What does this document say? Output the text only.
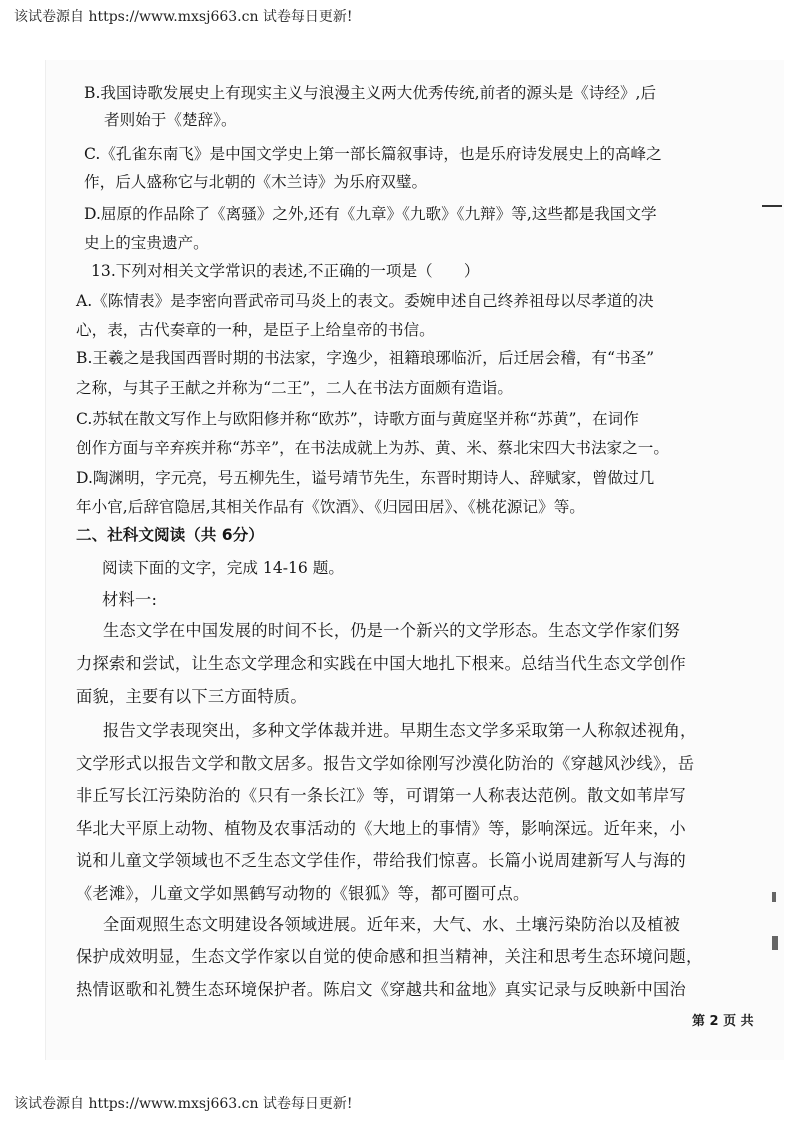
该试卷源自 https://www.mxsj663.cn 试卷每日更新!
B.我国诗歌发展史上有现实主义与浪漫主义两大优秀传统,前者的源头是《诗经》,后
者则始于《楚辞》。
C.《孔雀东南飞》是中国文学史上第一部长篇叙事诗，也是乐府诗发展史上的高峰之
作，后人盛称它与北朝的《木兰诗》为乐府双璧。
D.屈原的作品除了《离骚》之外,还有《九章》《九歌》《九辩》等,这些都是我国文学
史上的宝贵遗产。
13.下列对相关文学常识的表述,不正确的一项是（　　）
A.《陈情表》是李密向晋武帝司马炎上的表文。委婉申述自己终养祖母以尽孝道的决
心，表，古代奏章的一种，是臣子上给皇帝的书信。
B.王羲之是我国西晋时期的书法家，字逸少，祖籍琅琊临沂，后迁居会稽，有“书圣”
之称，与其子王献之并称为“二王”，二人在书法方面颇有造诣。
C.苏轼在散文写作上与欧阳修并称“欧苏”，诗歌方面与黄庭坚并称“苏黄”，在词作
创作方面与辛弃疾并称“苏辛”，在书法成就上为苏、黄、米、蔡北宋四大书法家之一。
D.陶渊明，字元亮，号五柳先生，谥号靖节先生，东晋时期诗人、辞赋家，曾做过几
年小官,后辞官隐居,其相关作品有《饮酒》、《归园田居》、《桃花源记》等。
二、社科文阅读（共 6分）
阅读下面的文字，完成 14-16 题。
材料一:
生态文学在中国发展的时间不长，仍是一个新兴的文学形态。生态文学作家们努
力探索和尝试，让生态文学理念和实践在中国大地扎下根来。总结当代生态文学创作
面貌，主要有以下三方面特质。
报告文学表现突出，多种文学体裁并进。早期生态文学多采取第一人称叙述视角，
文学形式以报告文学和散文居多。报告文学如徐刚写沙漠化防治的《穿越风沙线》，岳
非丘写长江污染防治的《只有一条长江》等，可谓第一人称表达范例。散文如苇岸写
华北大平原上动物、植物及农事活动的《大地上的事情》等，影响深远。近年来，小
说和儿童文学领域也不乏生态文学佳作，带给我们惊喜。长篇小说周建新写人与海的
《老滩》，儿童文学如黑鹤写动物的《银狐》等，都可圈可点。
全面观照生态文明建设各领域进展。近年来，大气、水、土壤污染防治以及植被
保护成效明显，生态文学作家以自觉的使命感和担当精神，关注和思考生态环境问题，
热情讴歌和礼赞生态环境保护者。陈启文《穿越共和盆地》真实记录与反映新中国治
第 2 页 共
该试卷源自 https://www.mxsj663.cn 试卷每日更新!
